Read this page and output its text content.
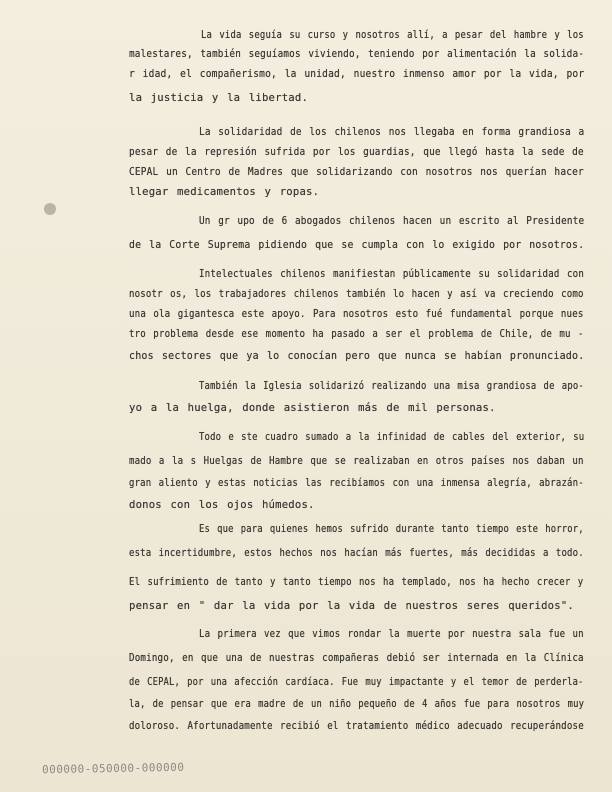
La vida seguía su curso y nosotros allí, a pesar del hambre y los
malestares, también seguíamos viviendo, teniendo por alimentación la solida-
r idad, el compañerismo, la unidad, nuestro inmenso amor por la vida, por
la justicia y la libertad.
La solidaridad de los chilenos nos llegaba en forma grandiosa a
pesar de la represión sufrida por los guardias, que llegó hasta la sede de
CEPAL un Centro de Madres que solidarizando con nosotros nos querían hacer
llegar medicamentos y ropas.
Un gr upo de 6 abogados chilenos hacen un escrito al Presidente
de la Corte Suprema pidiendo que se cumpla con lo exigido por nosotros.
Intelectuales chilenos manifiestan públicamente su solidaridad con
nosotr os, los trabajadores chilenos también lo hacen y así va creciendo como
una ola gigantesca este apoyo. Para nosotros esto fué fundamental porque nues
tro problema desde ese momento ha pasado a ser el problema de Chile, de mu -
chos sectores que ya lo conocían pero que nunca se habían pronunciado.
También la Iglesia solidarizó realizando una misa grandiosa de apo-
yo a la huelga, donde asistieron más de mil personas.
Todo e ste cuadro sumado a la infinidad de cables del exterior, su
mado a la s Huelgas de Hambre que se realizaban en otros países nos daban un
gran aliento y estas noticias las recibíamos con una inmensa alegría, abrazán-
donos con los ojos húmedos.
Es que para quienes hemos sufrido durante tanto tiempo este horror,
esta incertidumbre, estos hechos nos hacían más fuertes, más decididas a todo.
El sufrimiento de tanto y tanto tiempo nos ha templado, nos ha hecho crecer y
pensar en " dar la vida por la vida de nuestros seres queridos".
La primera vez que vimos rondar la muerte por nuestra sala fue un
Domingo, en que una de nuestras compañeras debió ser internada en la Clínica
de CEPAL, por una afección cardíaca. Fue muy impactante y el temor de perderla-
la, de pensar que era madre de un niño pequeño de 4 años fue para nosotros muy
doloroso. Afortunadamente recibió el tratamiento médico adecuado recuperándose
000000-050000-000000
